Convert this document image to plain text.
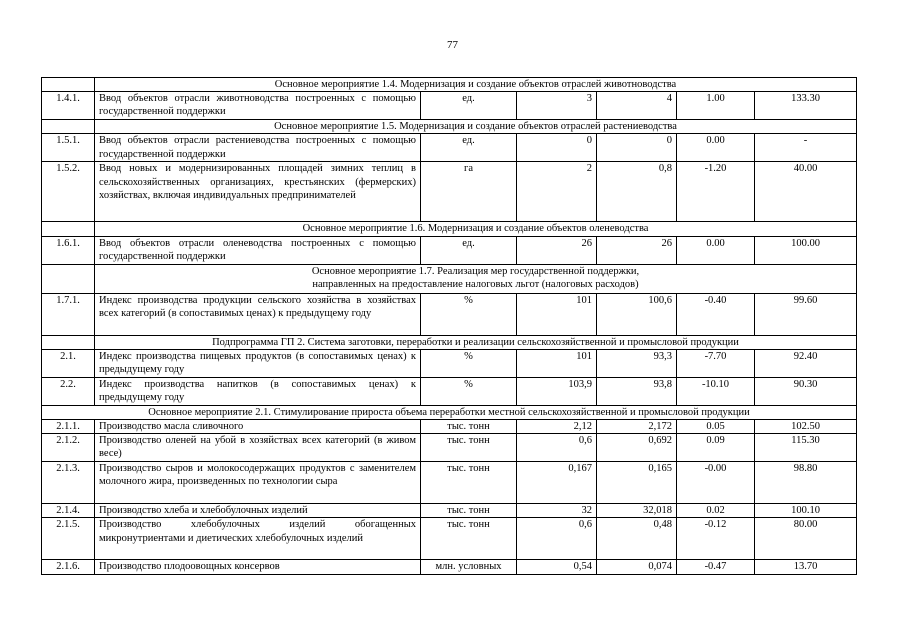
77
	Основное мероприятие 1.4. Модернизация и создание объектов отраслей животноводства					
1.4.1.	Ввод объектов отрасли животноводства построенных с помощью государственной поддержки	ед.	3	4	1.00	133.30
	Основное мероприятие 1.5. Модернизация и создание объектов отраслей растениеводства					
1.5.1.	Ввод объектов отрасли растениеводства построенных с помощью государственной поддержки	ед.	0	0	0.00	-
1.5.2.	Ввод новых и модернизированных площадей зимних теплиц в сельскохозяйственных организациях, крестьянских (фермерских) хозяйствах, включая индивидуальных предпринимателей	га	2	0,8	-1.20	40.00
	Основное мероприятие 1.6. Модернизация и создание объектов оленеводства					
1.6.1.	Ввод объектов отрасли оленеводства построенных с помощью государственной поддержки	ед.	26	26	0.00	100.00

	Основное мероприятие 1.7. Реализация мер государственной поддержки,
направленных на предоставление налоговых льгот (налоговых расходов)					

1.7.1.	Индекс производства продукции сельского хозяйства в хозяйствах всех категорий (в сопоставимых ценах) к предыдущему году	%	101	100,6	-0.40	99.60
	Подпрограмма ГП 2. Система заготовки, переработки и реализации сельскохозяйственной и промысловой продукции					
2.1.	Индекс производства пищевых продуктов (в сопоставимых ценах) к предыдущему году	%	101	93,3	-7.70	92.40
2.2.	Индекс производства напитков (в сопоставимых ценах) к предыдущему году	%	103,9	93,8	-10.10	90.30
Основное мероприятие 2.1. Стимулирование прироста объема переработки местной сельскохозяйственной и промысловой продукции						
2.1.1.	Производство масла сливочного	тыс. тонн	2,12	2,172	0.05	102.50
2.1.2.	Производство оленей на убой в хозяйствах всех категорий (в живом весе)	тыс. тонн	0,6	0,692	0.09	115.30
2.1.3.	Производство сыров и молокосодержащих продуктов с заменителем молочного жира, произведенных по технологии сыра	тыс. тонн	0,167	0,165	-0.00	98.80
2.1.4.	Производство хлеба и хлебобулочных изделий	тыс. тонн	32	32,018	0.02	100.10
2.1.5.	Производство хлебобулочных изделий обогащенных микронутриентами и диетических хлебобулочных изделий	тыс. тонн	0,6	0,48	-0.12	80.00
2.1.6.	Производство плодоовощных консервов	млн. условных	0,54	0,074	-0.47	13.70
